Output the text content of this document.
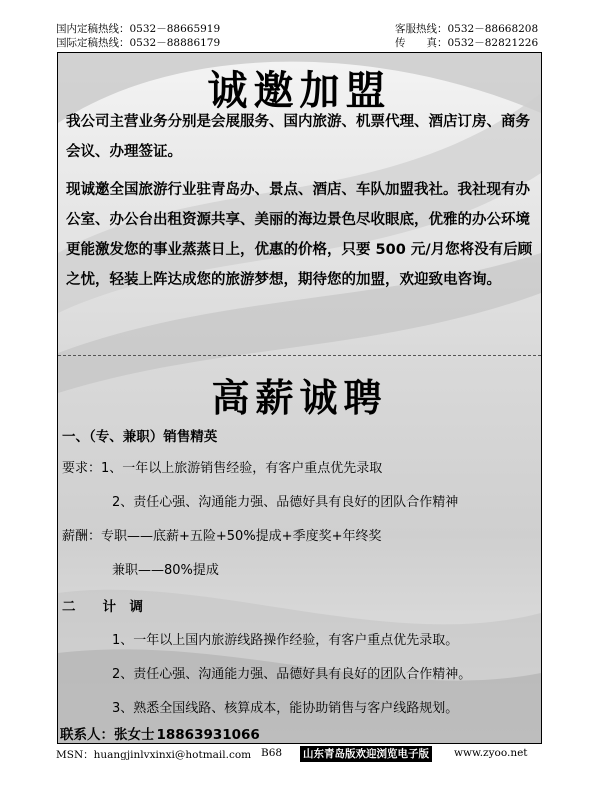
国内定稿热线：0532－88665919
国际定稿热线：0532－88886179
客服热线：0532－88668208
传　　真：0532－82821226
诚邀加盟
我公司主营业务分别是会展服务、国内旅游、机票代理、酒店订房、商务会议、办理签证。
现诚邀全国旅游行业驻青岛办、景点、酒店、车队加盟我社。我社现有办公室、办公台出租资源共享、美丽的海边景色尽收眼底，优雅的办公环境更能激发您的事业蒸蒸日上，优惠的价格，只要 500 元/月您将没有后顾之忧，轻装上阵达成您的旅游梦想，期待您的加盟，欢迎致电咨询。
高薪诚聘
一、（专、兼职）销售精英
要求：1、一年以上旅游销售经验，有客户重点优先录取
2、责任心强、沟通能力强、品德好具有良好的团队合作精神
薪酬：专职——底薪+五险+50%提成+季度奖+年终奖
兼职——80%提成
二　　计　调
1、一年以上国内旅游线路操作经验，有客户重点优先录取。
2、责任心强、沟通能力强、品德好具有良好的团队合作精神。
3、熟悉全国线路、核算成本，能协助销售与客户线路规划。
联系人：张女士 18863931066
MSN：huangjinlvxinxi@hotmail.com B68 山东青岛版欢迎浏览电子版 www.zyoo.net
